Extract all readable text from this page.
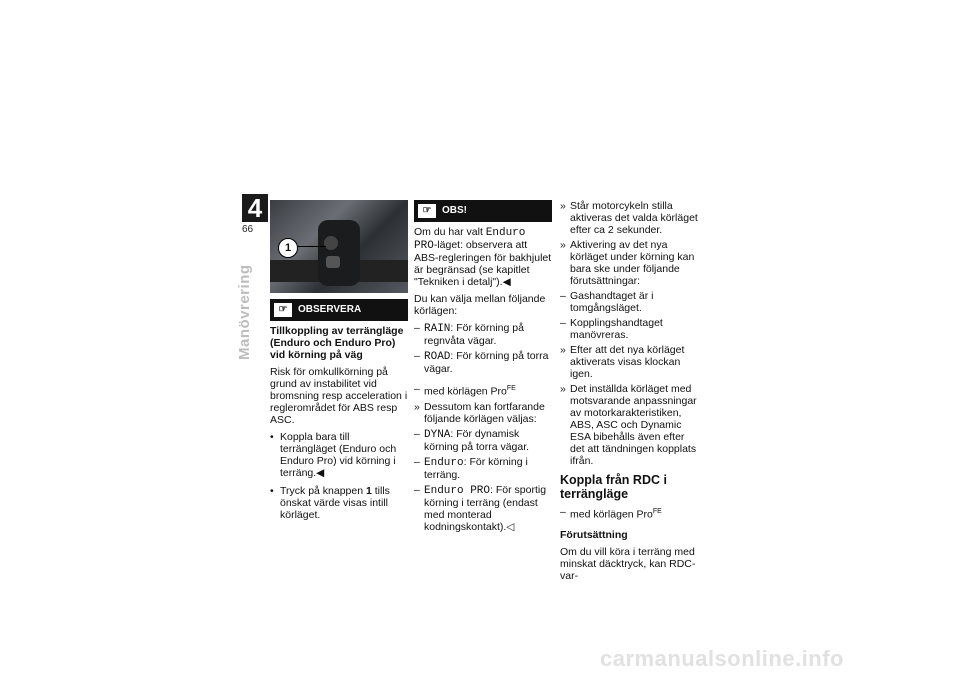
4
66
Manövrering
1
☞	OBSERVERA

Tillkoppling av terrängläge (Enduro och Enduro Pro) vid körning på väg

Risk för omkullkörning på grund av instabilitet vid bromsning resp acceleration i reglerområdet för ABS resp ASC.

• Koppla bara till terrängläget (Enduro och Enduro Pro) vid körning i terräng.◀
• Tryck på knappen 1 tills önskat värde visas intill körläget.
☞	OBS!

Om du har valt Enduro PRO-läget: observera att ABS-regleringen för bakhjulet är begränsad (se kapitlet "Tekniken i detalj").◀

Du kan välja mellan följande körlägen:

– RAIN: För körning på regnvåta vägar.
– ROAD: För körning på torra vägar.
– med körlägen Pro$^{FE}$
» Dessutom kan fortfarande följande körlägen väljas:
– DYNA: För dynamisk körning på torra vägar.
– Enduro: För körning i terräng.
– Enduro PRO: För sportig körning i terräng (endast med monterad kodningskontakt).◁
» Står motorcykeln stilla aktiveras det valda körläget efter ca 2 sekunder.
» Aktivering av det nya körläget under körning kan bara ske under följande förutsättningar:
– Gashandtaget är i tomgångsläget.
– Kopplingshandtaget manövreras.
» Efter att det nya körläget aktiverats visas klockan igen.
» Det inställda körläget med motsvarande anpassningar av motorkarakteristiken, ABS, ASC och Dynamic ESA bibehålls även efter det att tändningen kopplats ifrån.

Koppla från RDC i terrängläge

– med körlägen Pro$^{FE}$

Förutsättning

Om du vill köra i terräng med minskat däcktryck, kan RDC-var-

carmanualsonline.info
